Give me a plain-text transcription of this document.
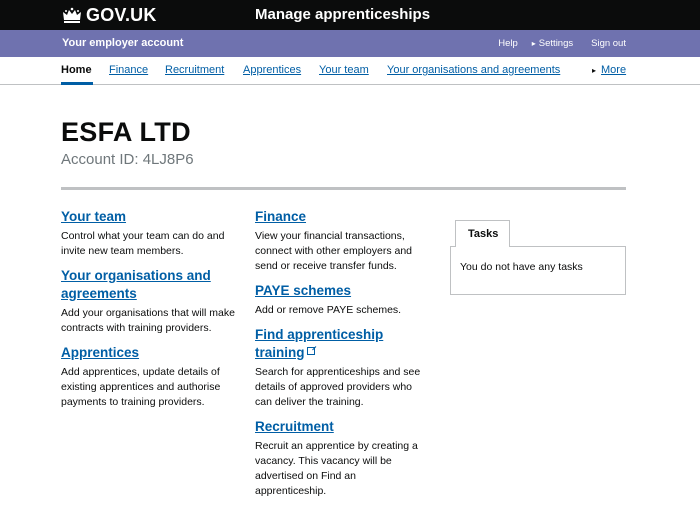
GOV.UK	Manage apprenticeships
Your employer account	Help	▸ Settings Sign out
Home Finance Recruitment Apprentices Your team Your organisations and agreements	▸ More
ESFA LTD
Account ID: 4LJ8P6
Your team

Control what your team can do and invite new team members.

Your organisations and agreements

Add your organisations that will make contracts with training providers.

Apprentices

Add apprentices, update details of existing apprentices and authorise payments to training providers.

Finance

View your financial transactions, connect with other employers and send or receive transfer funds.

PAYE schemes

Add or remove PAYE schemes.

Find apprenticeship training

Search for apprenticeships and see details of approved providers who can deliver the training.

Recruitment

Recruit an apprentice by creating a vacancy. This vacancy will be advertised on Find an apprenticeship.

Tasks
You do not have any tasks
